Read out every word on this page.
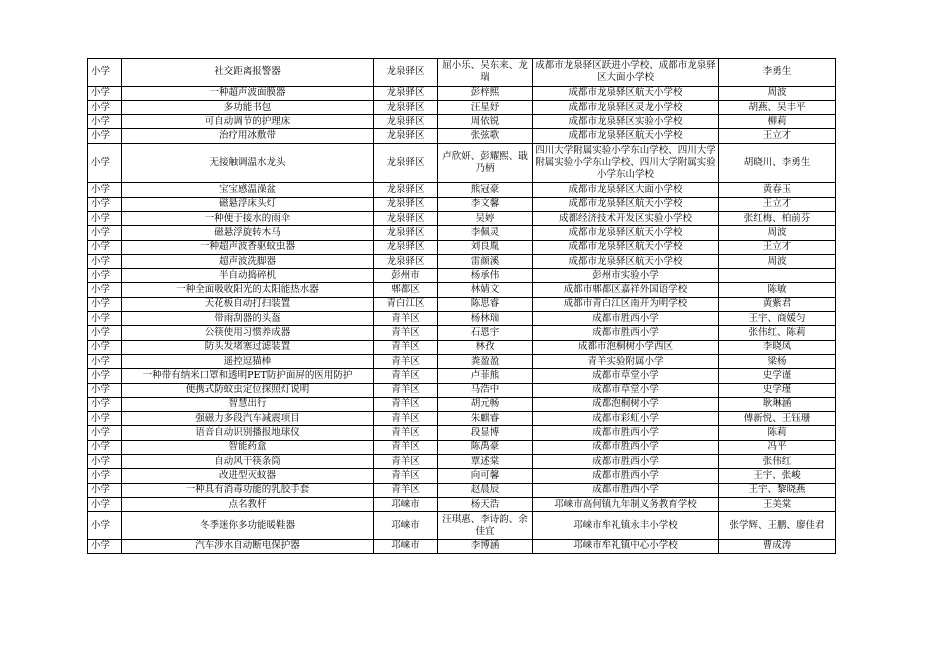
小学	社交距离报警器	龙泉驿区	屈小乐、吴东来、龙瑞	成都市龙泉驿区跃进小学校、成都市龙泉驿区大面小学校	李勇生
小学	一种超声波面膜器	龙泉驿区	彭梓熙	成都市龙泉驿区航天小学校	周波
小学	多功能书包	龙泉驿区	汪星妤	成都市龙泉驿区灵龙小学校	胡燕、吴丰平
小学	可自动调节的护理床	龙泉驿区	周依锐	成都市龙泉驿区实验小学校	柳莉
小学	治疗用冰敷带	龙泉驿区	张弦歌	成都市龙泉驿区航天小学校	王立才
小学	无接触调温水龙头	龙泉驿区	卢欣妍、彭耀熙、戢乃柄	四川大学附属实验小学东山学校、四川大学附属实验小学东山学校、四川大学附属实验小学东山学校	胡晓川、李勇生
小学	宝宝感温澡盆	龙泉驿区	熊冠豪	成都市龙泉驿区大面小学校	黄春玉
小学	磁悬浮床头灯	龙泉驿区	李文馨	成都市龙泉驿区航天小学校	王立才
小学	一种便于接水的雨伞	龙泉驿区	吴婷	成都经济技术开发区实验小学校	张红梅、柏前芬
小学	磁悬浮旋转木马	龙泉驿区	李佩灵	成都市龙泉驿区航天小学校	周波
小学	一种超声波香驱蚊虫器	龙泉驿区	刘良胤	成都市龙泉驿区航天小学校	王立才
小学	超声波洗脚器	龙泉驿区	雷颜溪	成都市龙泉驿区航天小学校	周波
小学	半自动捣碎机	彭州市	杨承伟	彭州市实验小学	
小学	一种全面吸收阳光的太阳能热水器	郫都区	林婧文	成都市郫都区嘉祥外国语学校	陈敏
小学	天花板自动打扫装置	青白江区	陈思睿	成都市青白江区南开为明学校	黄紫君
小学	带雨刮器的头盔	青羊区	杨林瑞	成都市胜西小学	王宇、商媛匀
小学	公筷使用习惯养成器	青羊区	石恩宇	成都市胜西小学	张伟红、陈莉
小学	防头发堵塞过滤装置	青羊区	林孜	成都市泡桐树小学西区	李晓凤
小学	遥控逗猫棒	青羊区	粪盈盈	青羊实验附属小学	梁杨
小学	一种带有纳米口罩和透明PET防护面屏的医用防护	青羊区	卢菲熊	成都市草堂小学	史学谨
小学	便携式防蚊虫定位探照灯说明	青羊区	马浩中	成都市草堂小学	史学瑾
小学	智慧出行	青羊区	胡元畅	成都泡桐树小学	耿琳涵
小学	强磁力多段汽车减震项目	青羊区	朱麒睿	成都市彩虹小学	傅新悦、王钰珊
小学	语音自动识别播报地球仪	青羊区	段显博	成都市胜西小学	陈莉
小学	智能药盒	青羊区	陈禹豪	成都市胜西小学	冯平
小学	自动风干筷条筒	青羊区	覃述棠	成都市胜西小学	张伟红
小学	改进型灭蚊器	青羊区	向可馨	成都市胜西小学	王宇、张峻
小学	一种具有消毒功能的乳胶手套	青羊区	赵晨辰	成都市胜西小学	王宇、黎晓燕
小学	点名教杆	邛崃市	杨天浩	邛崃市高何镇九年制义务教育学校	王美棠
小学	冬季迷你多功能暖鞋器	邛崃市	汪琪惠、李诗韵、余佳宜	邛崃市牟礼镇永丰小学校	张学辉、王鹏、廖佳君
小学	汽车涉水自动断电保护器	邛崃市	李博涵	邛崃市牟礼镇中心小学校	曹成涛
